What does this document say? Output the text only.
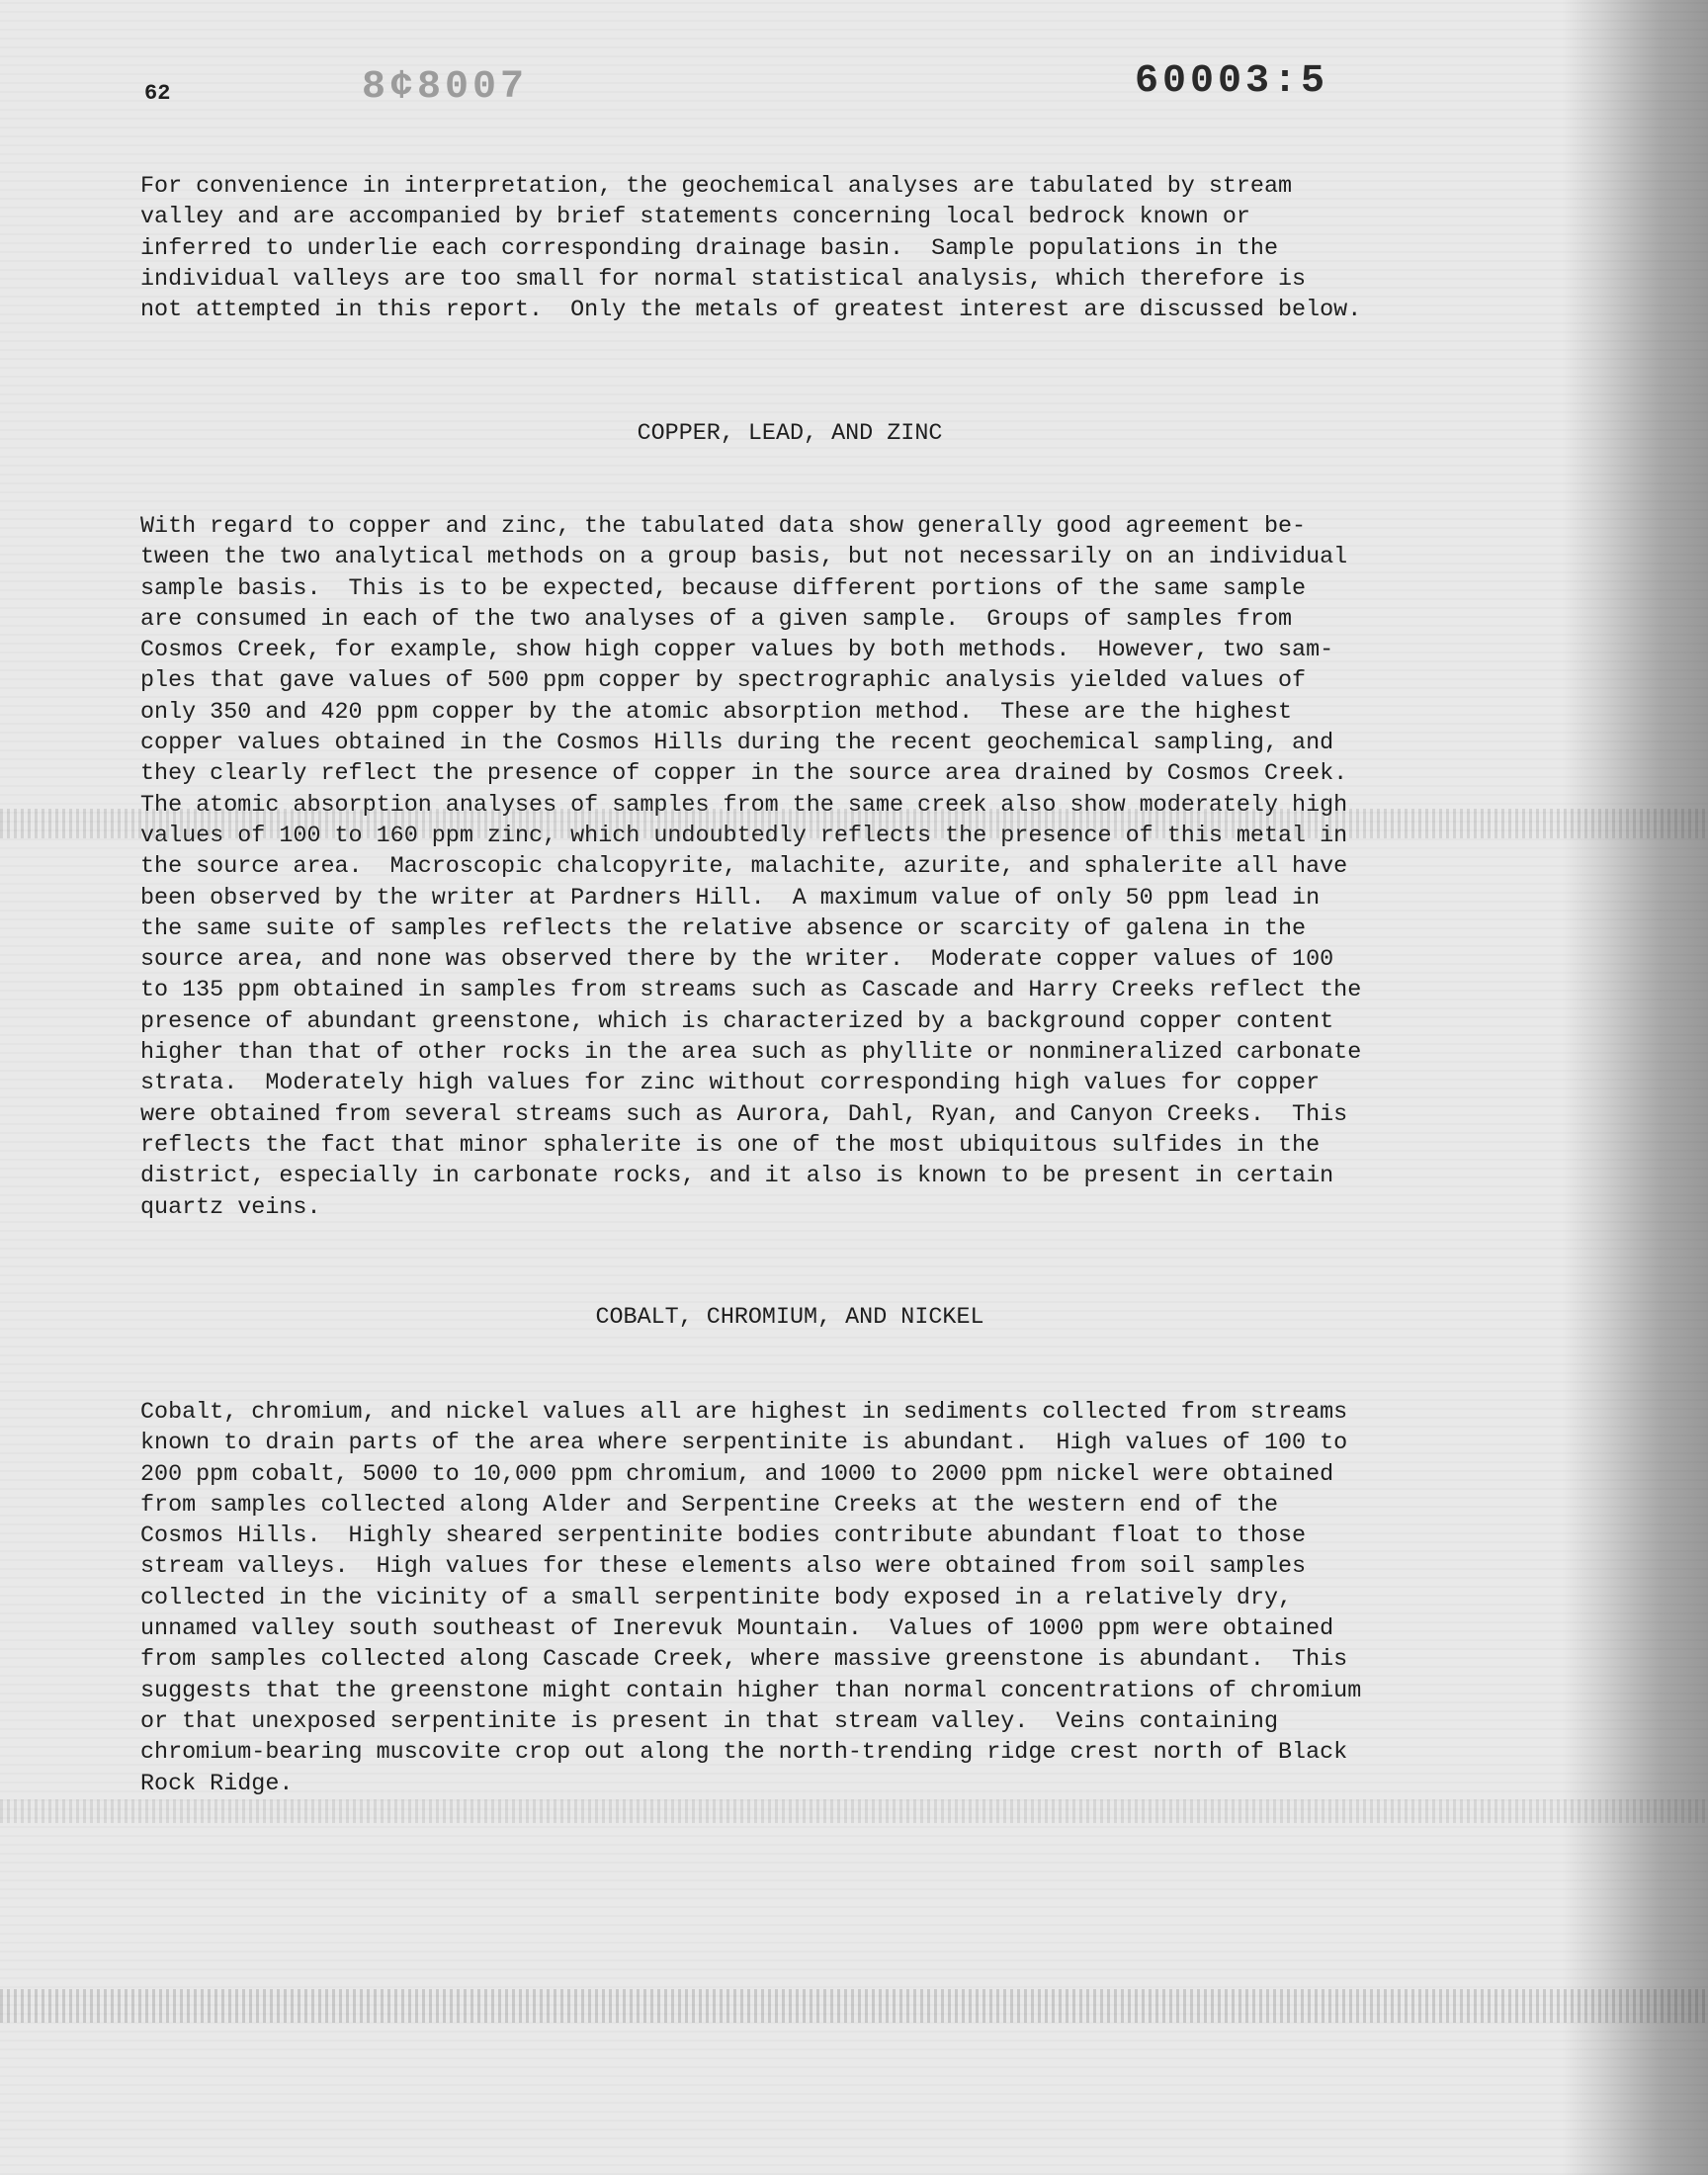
62	8¢8007	60003:5

For convenience in interpretation, the geochemical analyses are tabulated by stream
valley and are accompanied by brief statements concerning local bedrock known or
inferred to underlie each corresponding drainage basin.  Sample populations in the
individual valleys are too small for normal statistical analysis, which therefore is
not attempted in this report.  Only the metals of greatest interest are discussed below.

COPPER, LEAD, AND ZINC

With regard to copper and zinc, the tabulated data show generally good agreement be-
tween the two analytical methods on a group basis, but not necessarily on an individual
sample basis.  This is to be expected, because different portions of the same sample
are consumed in each of the two analyses of a given sample.  Groups of samples from
Cosmos Creek, for example, show high copper values by both methods.  However, two sam-
ples that gave values of 500 ppm copper by spectrographic analysis yielded values of
only 350 and 420 ppm copper by the atomic absorption method.  These are the highest
copper values obtained in the Cosmos Hills during the recent geochemical sampling, and
they clearly reflect the presence of copper in the source area drained by Cosmos Creek.
The atomic absorption analyses of samples from the same creek also show moderately high
values of 100 to 160 ppm zinc, which undoubtedly reflects the presence of this metal in
the source area.  Macroscopic chalcopyrite, malachite, azurite, and sphalerite all have
been observed by the writer at Pardners Hill.  A maximum value of only 50 ppm lead in
the same suite of samples reflects the relative absence or scarcity of galena in the
source area, and none was observed there by the writer.  Moderate copper values of 100
to 135 ppm obtained in samples from streams such as Cascade and Harry Creeks reflect the
presence of abundant greenstone, which is characterized by a background copper content
higher than that of other rocks in the area such as phyllite or nonmineralized carbonate
strata.  Moderately high values for zinc without corresponding high values for copper
were obtained from several streams such as Aurora, Dahl, Ryan, and Canyon Creeks.  This
reflects the fact that minor sphalerite is one of the most ubiquitous sulfides in the
district, especially in carbonate rocks, and it also is known to be present in certain
quartz veins.

COBALT, CHROMIUM, AND NICKEL

Cobalt, chromium, and nickel values all are highest in sediments collected from streams
known to drain parts of the area where serpentinite is abundant.  High values of 100 to
200 ppm cobalt, 5000 to 10,000 ppm chromium, and 1000 to 2000 ppm nickel were obtained
from samples collected along Alder and Serpentine Creeks at the western end of the
Cosmos Hills.  Highly sheared serpentinite bodies contribute abundant float to those
stream valleys.  High values for these elements also were obtained from soil samples
collected in the vicinity of a small serpentinite body exposed in a relatively dry,
unnamed valley south southeast of Inerevuk Mountain.  Values of 1000 ppm were obtained
from samples collected along Cascade Creek, where massive greenstone is abundant.  This
suggests that the greenstone might contain higher than normal concentrations of chromium
or that unexposed serpentinite is present in that stream valley.  Veins containing
chromium-bearing muscovite crop out along the north-trending ridge crest north of Black
Rock Ridge.
